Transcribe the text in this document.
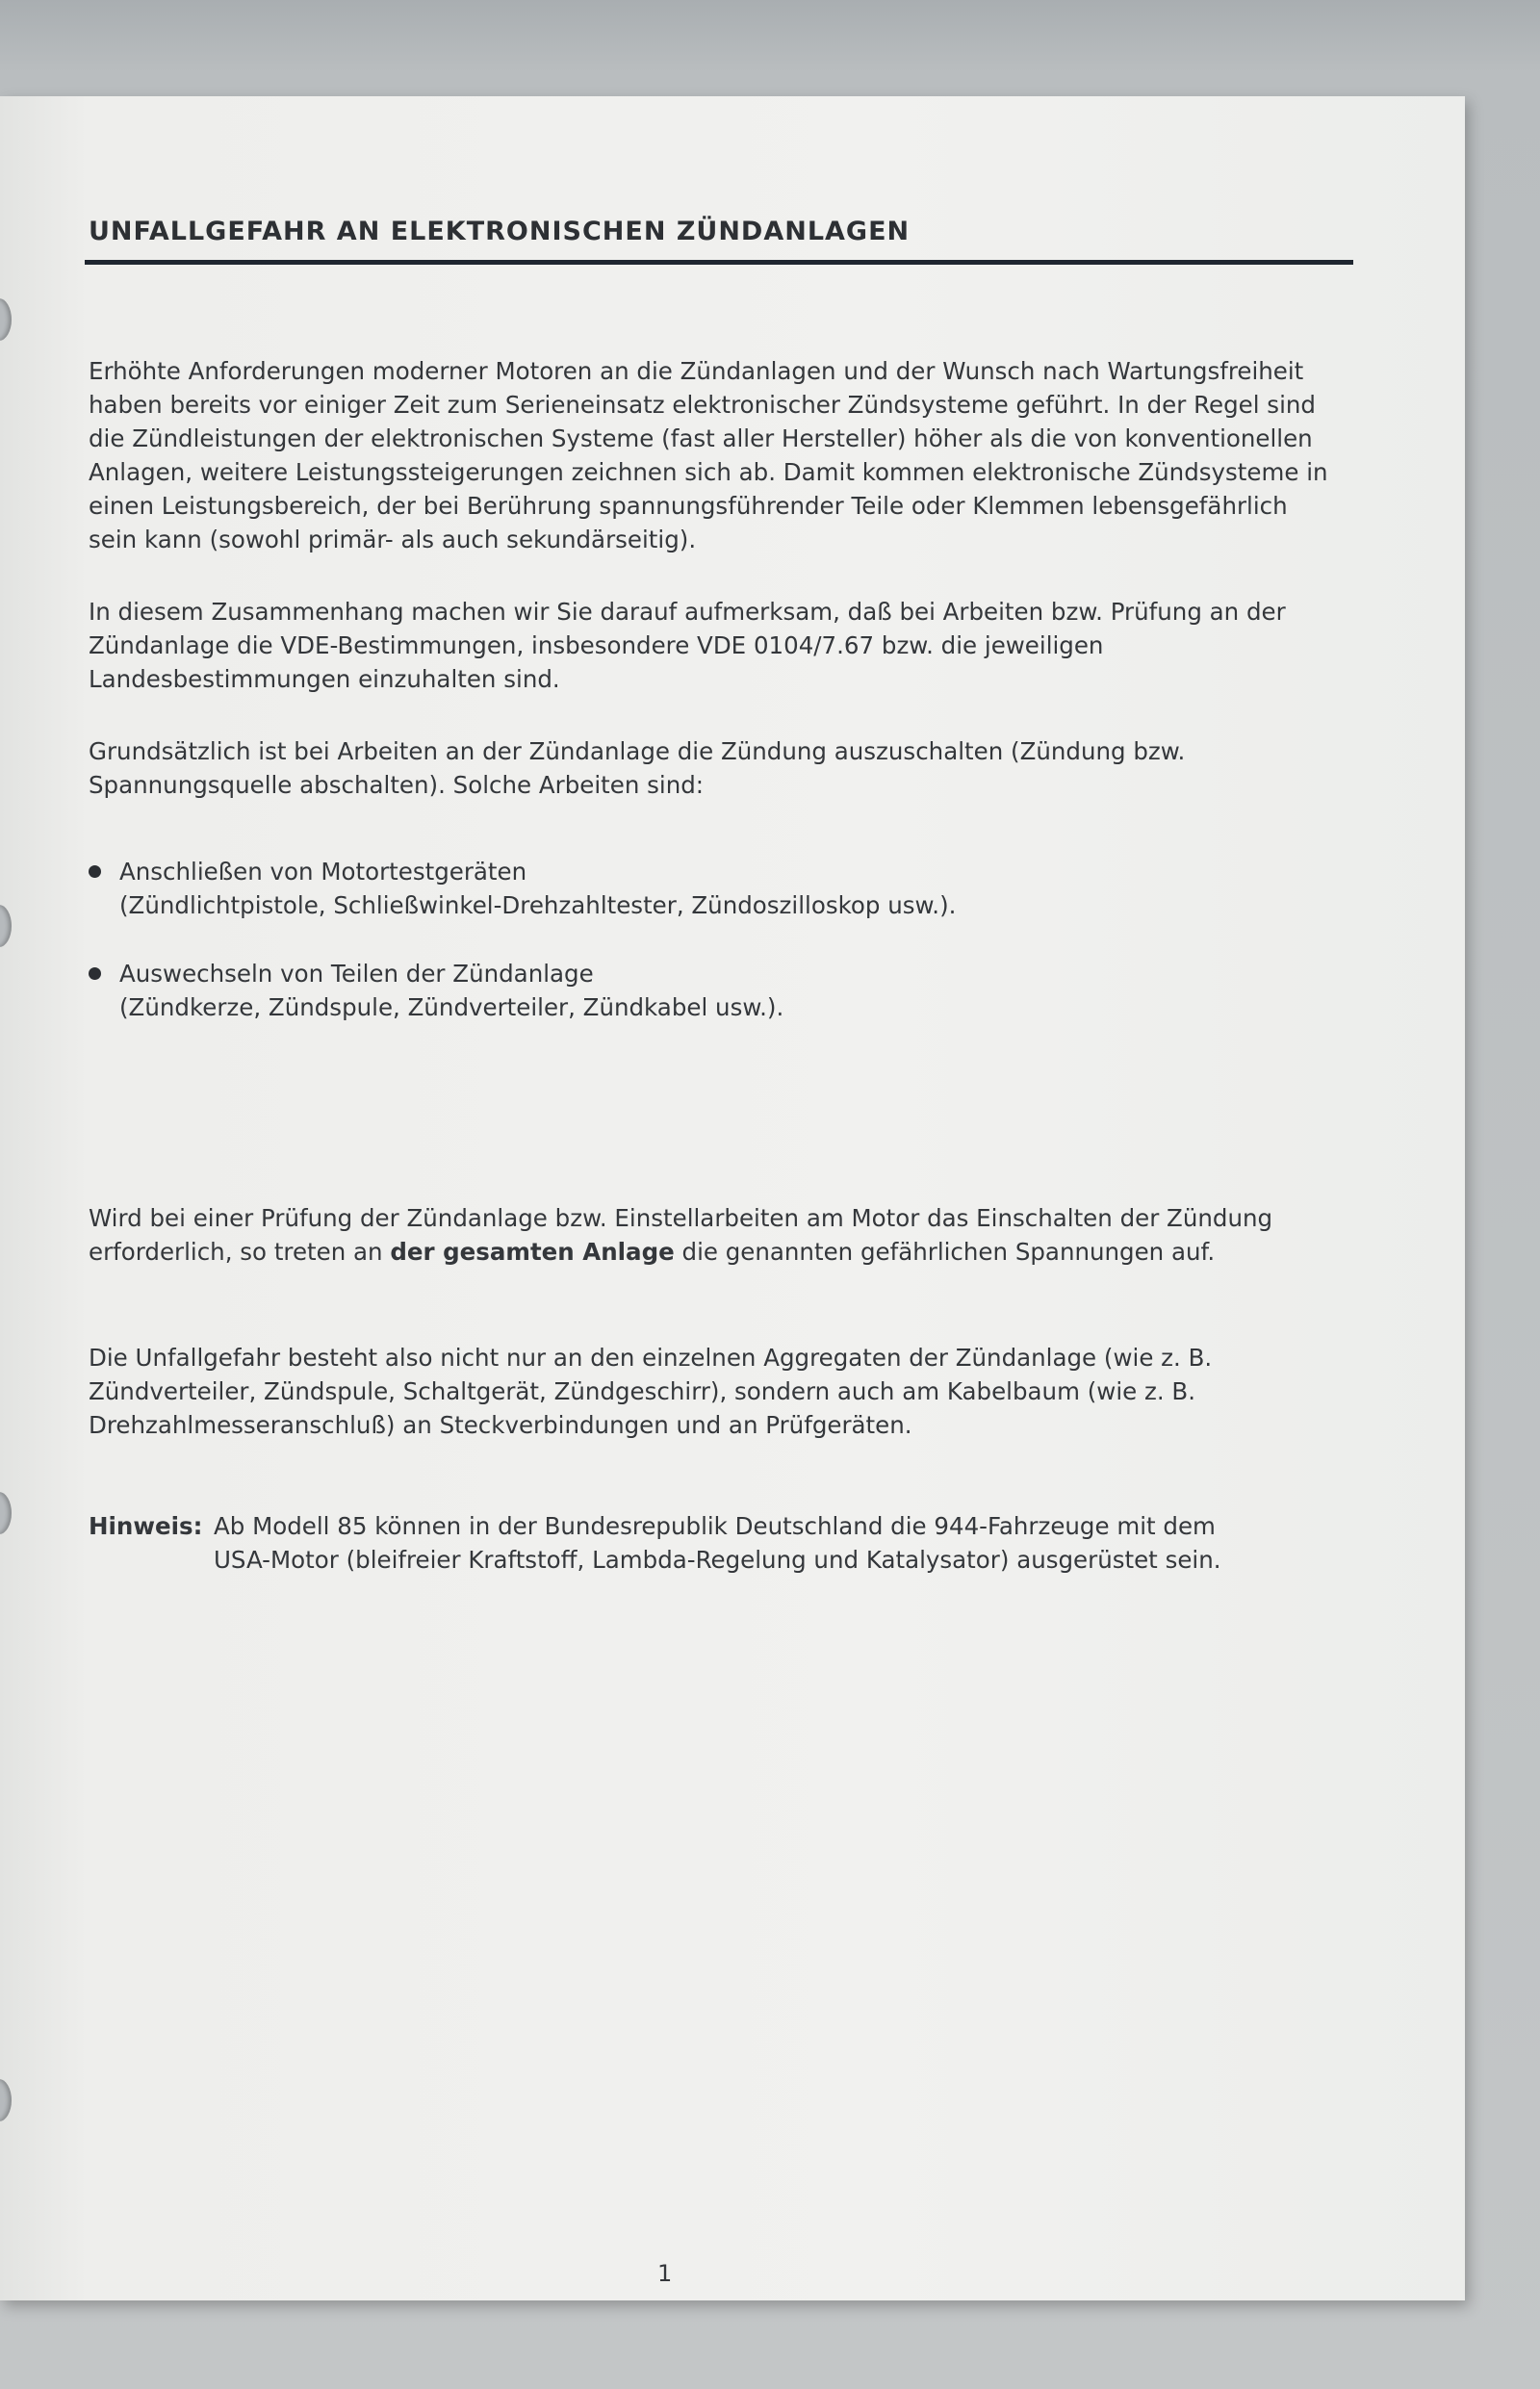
UNFALLGEFAHR AN ELEKTRONISCHEN ZÜNDANLAGEN

Erhöhte Anforderungen moderner Motoren an die Zündanlagen und der Wunsch nach Wartungsfreiheit haben bereits vor einiger Zeit zum Serieneinsatz elektronischer Zündsysteme geführt. In der Regel sind die Zündleistungen der elektronischen Systeme (fast aller Hersteller) höher als die von konventionellen Anlagen, weitere Leistungssteigerungen zeichnen sich ab. Damit kommen elektronische Zündsysteme in einen Leistungsbereich, der bei Berührung spannungsführender Teile oder Klemmen lebensgefährlich sein kann (sowohl primär- als auch sekundärseitig).

In diesem Zusammenhang machen wir Sie darauf aufmerksam, daß bei Arbeiten bzw. Prüfung an der Zündanlage die VDE-Bestimmungen, insbesondere VDE 0104/7.67 bzw. die jeweiligen Landesbestimmungen einzuhalten sind.

Grundsätzlich ist bei Arbeiten an der Zündanlage die Zündung auszuschalten (Zündung bzw. Spannungsquelle abschalten). Solche Arbeiten sind:

Anschließen von Motortestgeräten
(Zündlichtpistole, Schließwinkel-Drehzahltester, Zündoszilloskop usw.).
Auswechseln von Teilen der Zündanlage
(Zündkerze, Zündspule, Zündverteiler, Zündkabel usw.).

Wird bei einer Prüfung der Zündanlage bzw. Einstellarbeiten am Motor das Einschalten der Zündung erforderlich, so treten an der gesamten Anlage die genannten gefährlichen Spannungen auf.

Die Unfallgefahr besteht also nicht nur an den einzelnen Aggregaten der Zündanlage (wie z. B. Zündverteiler, Zündspule, Schaltgerät, Zündgeschirr), sondern auch am Kabelbaum (wie z. B. Drehzahlmesseranschluß) an Steckverbindungen und an Prüfgeräten.

Hinweis: Ab Modell 85 können in der Bundesrepublik Deutschland die 944-Fahrzeuge mit dem USA-Motor (bleifreier Kraftstoff, Lambda-Regelung und Katalysator) ausgerüstet sein.
1
